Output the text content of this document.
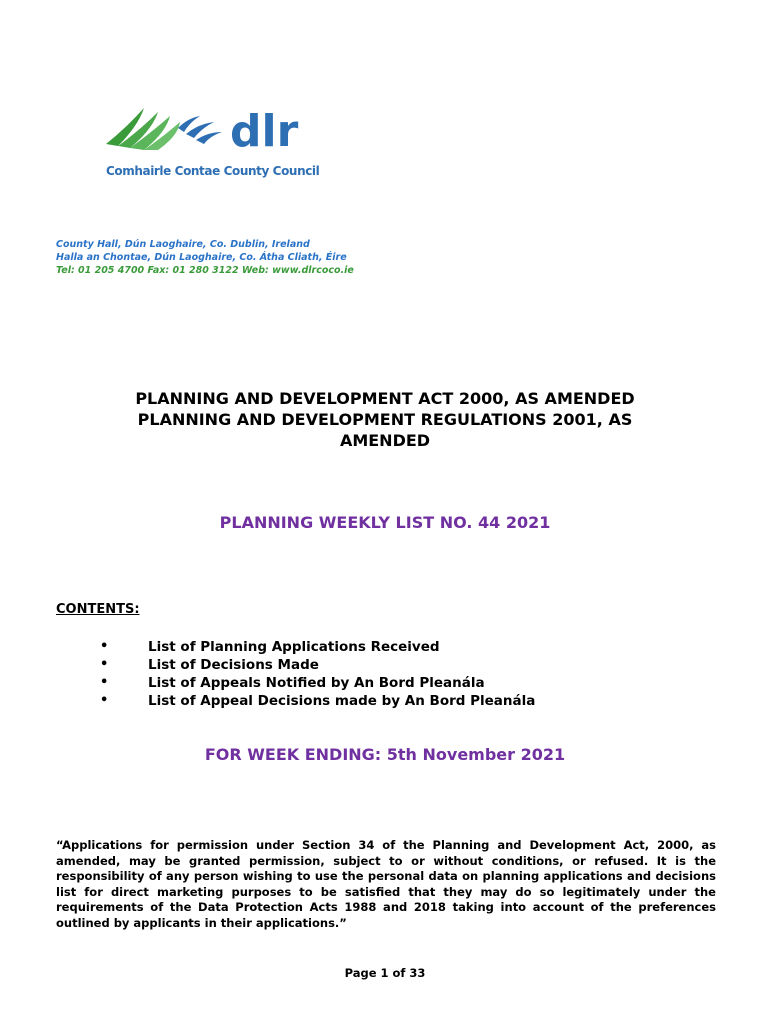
dlr
Comhairle Contae County Council
County Hall, Dún Laoghaire, Co. Dublin, Ireland
Halla an Chontae, Dún Laoghaire, Co. Átha Cliath, Éire
Tel: 01 205 4700 Fax: 01 280 3122 Web: www.dlrcoco.ie
PLANNING AND DEVELOPMENT ACT 2000, AS AMENDED
PLANNING AND DEVELOPMENT REGULATIONS 2001, AS
AMENDED
PLANNING WEEKLY LIST NO. 44 2021
CONTENTS:
•	List of Planning Applications Received
•	List of Decisions Made
•	List of Appeals Notified by An Bord Pleanála
•	List of Appeal Decisions made by An Bord Pleanála
FOR WEEK ENDING: 5th November 2021
“Applications for permission under Section 34 of the Planning and Development Act, 2000, as amended, may be granted permission, subject to or without conditions, or refused. It is the responsibility of any person wishing to use the personal data on planning applications and decisions list for direct marketing purposes to be satisfied that they may do so legitimately under the requirements of the Data Protection Acts 1988 and 2018 taking into account of the preferences outlined by applicants in their applications.”
Page 1 of 33
